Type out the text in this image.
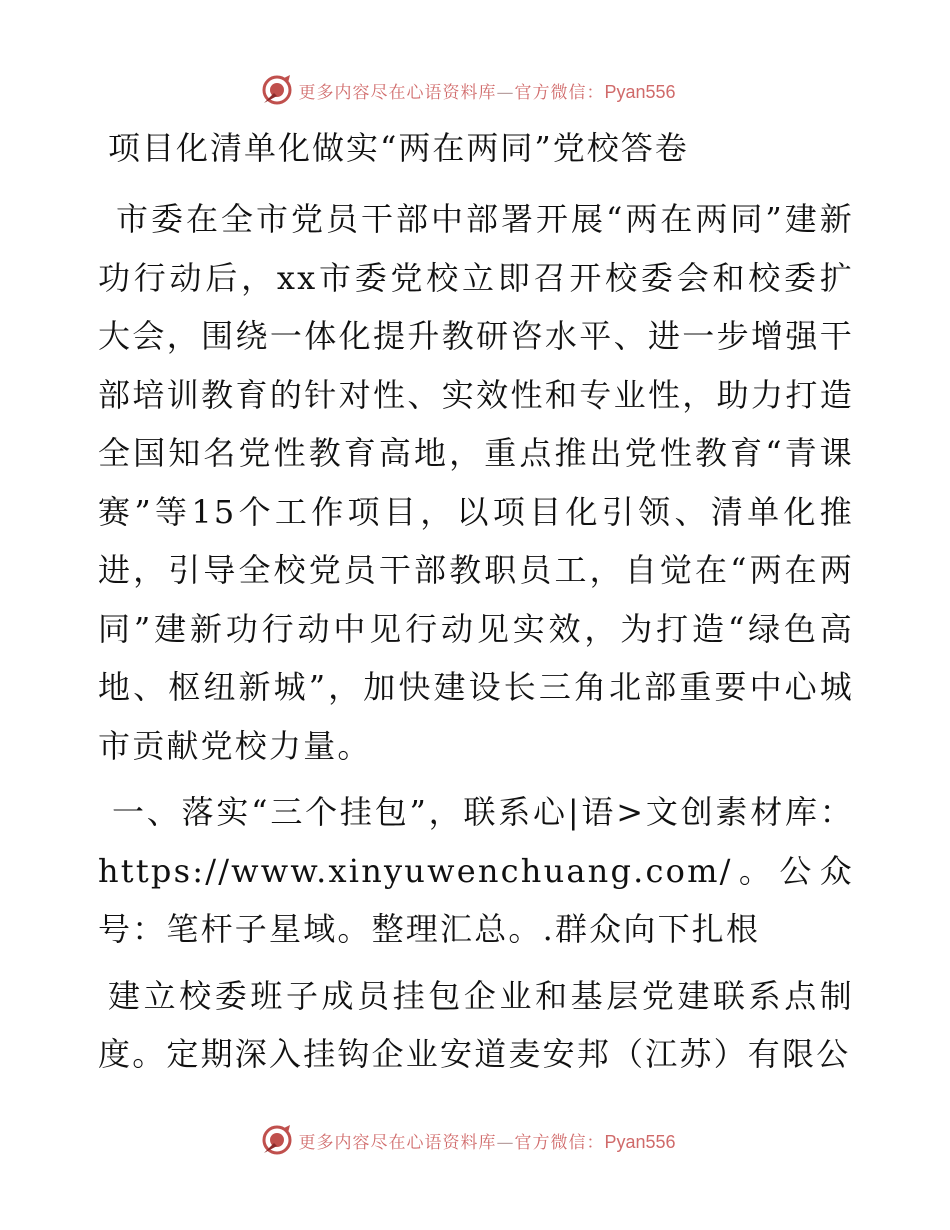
更多内容尽在心语资料库—官方微信：Pyan556
项目化清单化做实“两在两同”党校答卷

市委在全市党员干部中部署开展“两在两同”建新功行动后，xx市委党校立即召开校委会和校委扩大会，围绕一体化提升教研咨水平、进一步增强干部培训教育的针对性、实效性和专业性，助力打造全国知名党性教育高地，重点推出党性教育“青课赛”等15个工作项目，以项目化引领、清单化推进，引导全校党员干部教职员工，自觉在“两在两同”建新功行动中见行动见实效，为打造“绿色高地、枢纽新城”，加快建设长三角北部重要中心城市贡献党校力量。

一、落实“三个挂包”，联系心|语>文创素材库：https://www.xinyuwenchuang.com/。公众号：笔杆子星域。整理汇总。.群众向下扎根

建立校委班子成员挂包企业和基层党建联系点制度。定期深入挂钩企业安道麦安邦（江苏）有限公

更多内容尽在心语资料库—官方微信：Pyan556
